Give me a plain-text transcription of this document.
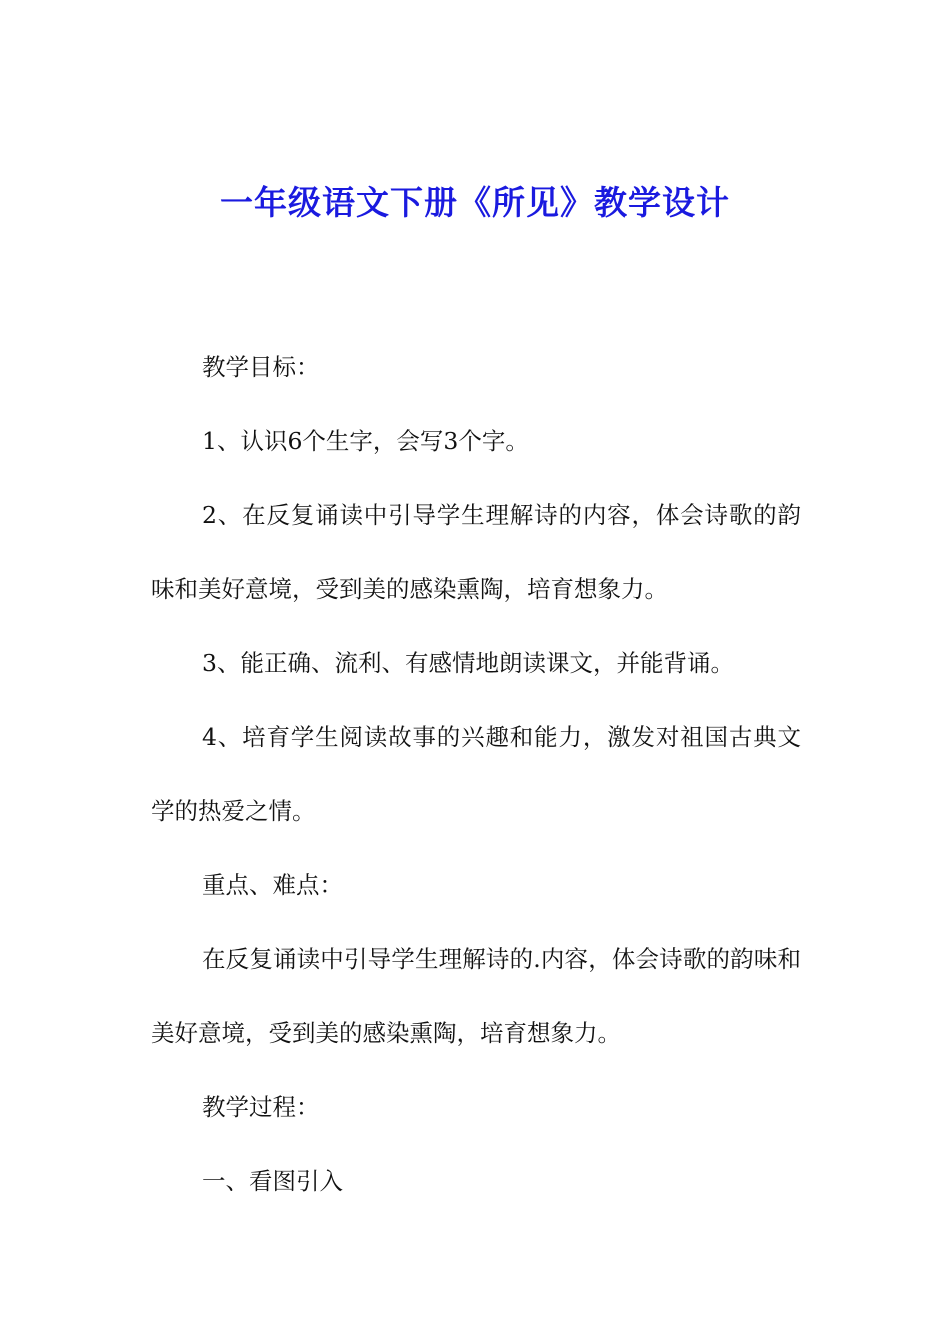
一年级语文下册《所见》教学设计

教学目标：

1、认识6个生字，会写3个字。

2、在反复诵读中引导学生理解诗的内容，体会诗歌的韵味和美好意境，受到美的感染熏陶，培育想象力。

3、能正确、流利、有感情地朗读课文，并能背诵。

4、培育学生阅读故事的兴趣和能力，激发对祖国古典文学的热爱之情。

重点、难点：

在反复诵读中引导学生理解诗的.内容，体会诗歌的韵味和美好意境，受到美的感染熏陶，培育想象力。

教学过程：

一、看图引入
